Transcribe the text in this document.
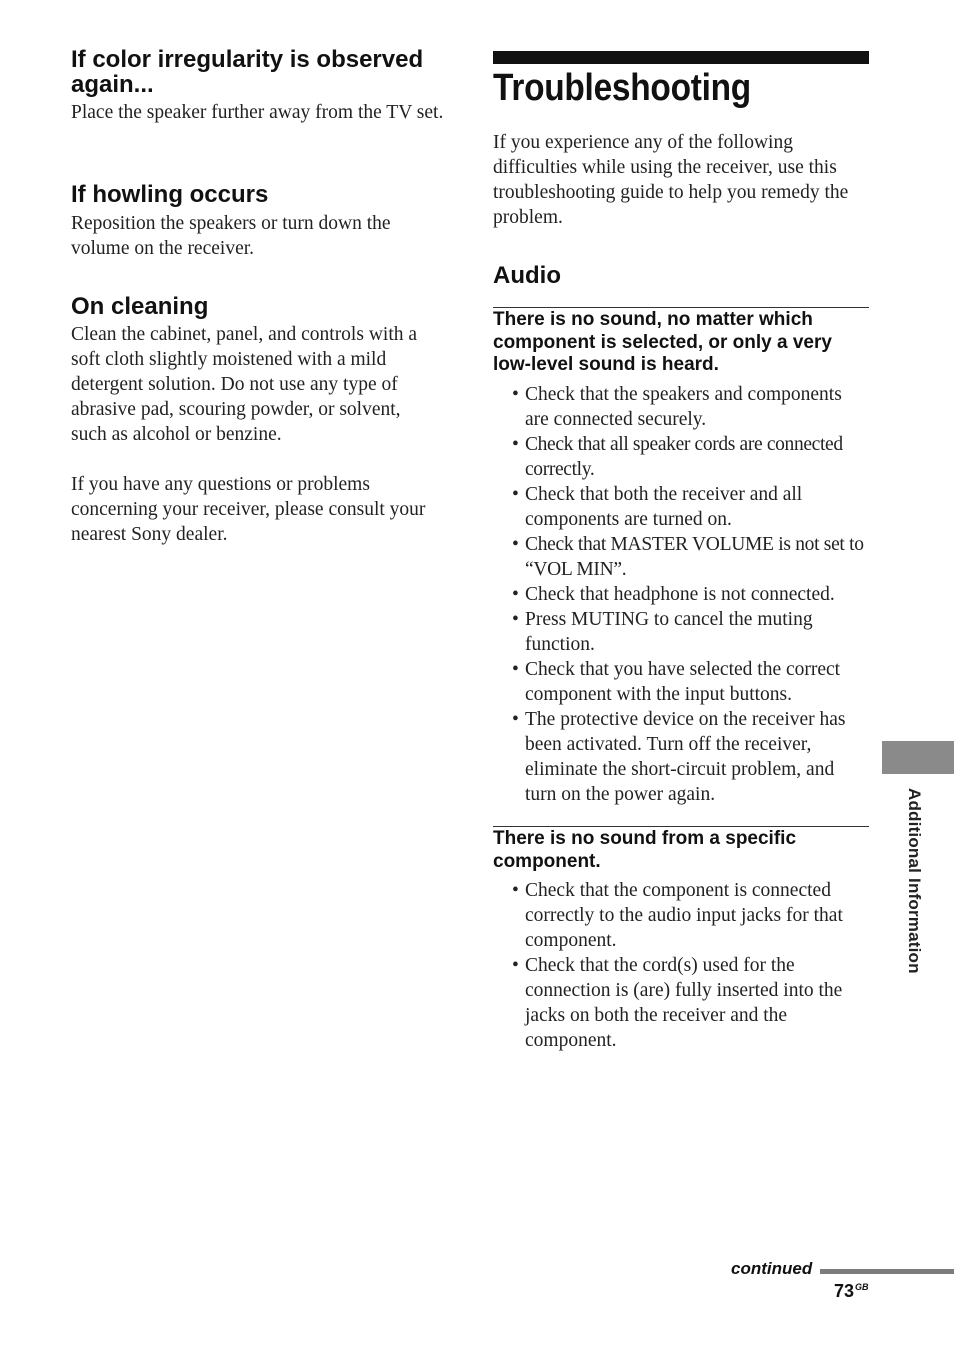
If color irregularity is observed again...

Place the speaker further away from the TV set.

If howling occurs

Reposition the speakers or turn down the volume on the receiver.

On cleaning

Clean the cabinet, panel, and controls with a soft cloth slightly moistened with a mild detergent solution. Do not use any type of abrasive pad, scouring powder, or solvent, such as alcohol or benzine.

If you have any questions or problems concerning your receiver, please consult your nearest Sony dealer.

Troubleshooting

If you experience any of the following difficulties while using the receiver, use this troubleshooting guide to help you remedy the problem.

Audio
There is no sound, no matter which component is selected, or only a very low-level sound is heard.
• Check that the speakers and components are connected securely.
• Check that all speaker cords are connected correctly.
• Check that both the receiver and all components are turned on.
• Check that MASTER VOLUME is not set to “VOL MIN”.
• Check that headphone is not connected.
• Press MUTING to cancel the muting function.
• Check that you have selected the correct component with the input buttons.
• The protective device on the receiver has been activated. Turn off the receiver, eliminate the short-circuit problem, and turn on the power again.
There is no sound from a specific component.
• Check that the component is connected correctly to the audio input jacks for that component.
• Check that the cord(s) used for the connection is (are) fully inserted into the jacks on both the receiver and the component.
Additional Information
continued
$73^{GB}$
